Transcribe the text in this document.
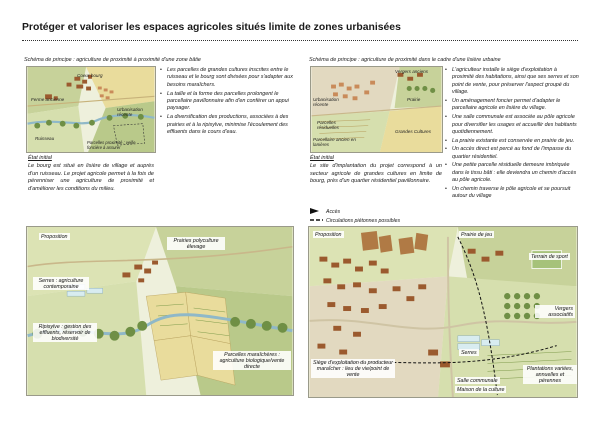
Protéger et valoriser les espaces agricoles situés limite de zones urbanisées
Schéma de principe : agriculture de proximité à proximité d'une zone bâtie
Coeur bourg
Ferme ancienne
Urbanisation récente
Ruisseau
Parcelles proximité : veille foncière à assurer
• Les parcelles de grandes cultures inscrites entre le ruisseau et le bourg sont divisées pour s'adapter aux besoins maraîchers.
• La taille et la forme des parcelles prolongent le parcellaire pavillonnaire afin d'en conférer un appui paysager.
• La diversification des productions, associées à des prairies et à la ripisylve, minimise l'écoulement des effluents dans le cours d'eau.
État initial
Le bourg est situé en lisière de village et auprès d'un ruisseau. Le projet agricole permet à la fois de pérenniser une agriculture de proximité et d'améliorer les conditions du milieu.
Proposition
Prairies polyculture élevage
Serres : agriculture contemporaine
Ripisylve : gestion des effluents, réservoir de biodiversité
Parcelles maraîchères : agriculture biologique/vente directe
Schéma de principe : agriculture de proximité dans le cadre d'une lisière urbaine
Vergers anciens
Urbanisation récente
Prairie
Parcelles résiduelles
Grandes Cultures
Parcellaire ancien en lanières
État initial
Le site d'implantation du projet correspond à un secteur agricole de grandes cultures en limite de bourg, près d'un quartier résidentiel pavillonnaire.
• L'agriculteur installe le siège d'exploitation à proximité des habitations, ainsi que ses serres et son point de vente, pour préserver l'aspect groupé du village.
• Un aménagement foncier permet d'adapter le parcellaire agricole en lisière du village.
• Une salle communale est associée au pôle agricole pour diversifier les usages et accueillir des habitants quotidiennement.
• La prairie existante est conservée en prairie de jeu.
• Un accès direct est percé au fond de l'impasse du quartier résidentiel.
• Une petite parcelle résiduelle demeure imbriquée dans le tissu bâti : elle deviendra un chemin d'accès au pôle agricole.
• Un chemin traverse le pôle agricole et se poursuit autour du village
Accès
Circulations piétonnes possibles
Proposition	Prairie de jeu
Terrain de sport
Vergers associatifs
Siège d'exploitation du producteur maraîcher : lieu de vie/point de vente
Serres
Salle communale
Maison de la culture
Plantations variées, annuelles et pérennes
